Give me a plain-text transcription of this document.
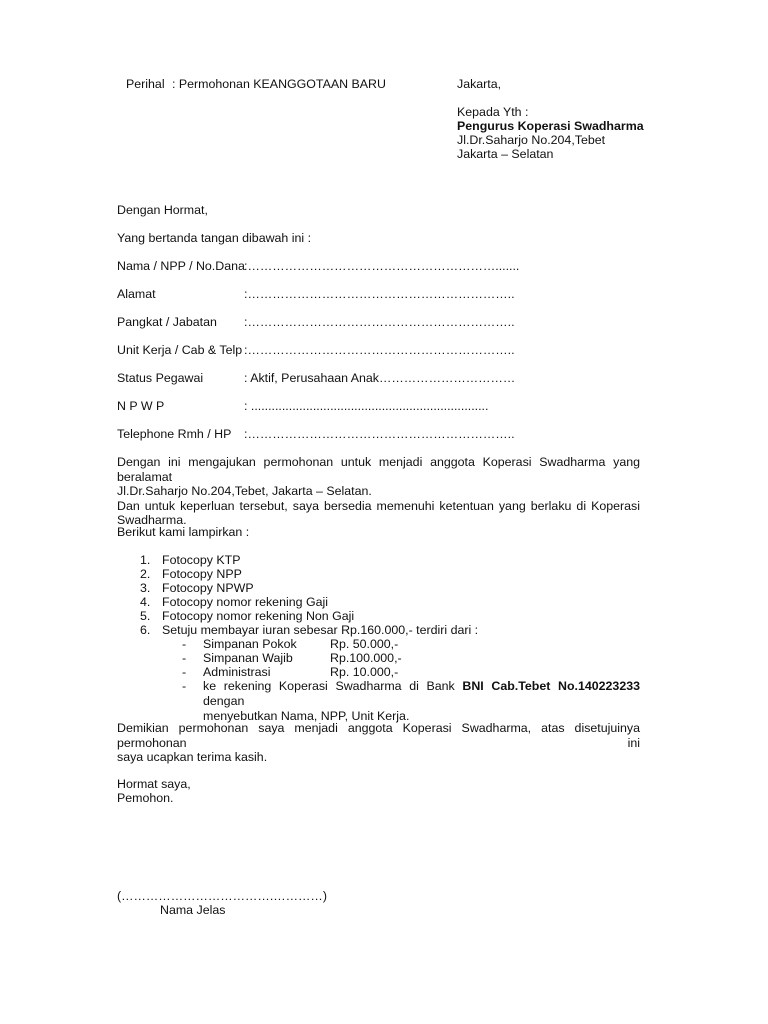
Perihal : Permohonan KEANGGOTAAN BARU	Jakarta,
Kepada Yth :
Pengurus Koperasi Swadharma
Jl.Dr.Saharjo No.204,Tebet
Jakarta – Selatan
Dengan Hormat,
Yang bertanda tangan dibawah ini :
Nama / NPP / No.Dana :…………………………………………………….......
Alamat	:………………………………………………………..
Pangkat / Jabatan :………………………………………………………..
Unit Kerja / Cab & Telp :………………………………………………………..
Status Pegawai	: Aktif, Perusahaan Anak……………………………
N P W P	: .....................................................................
Telephone Rmh / HP :………………………………………………………..
Dengan ini mengajukan permohonan untuk menjadi anggota Koperasi Swadharma yang beralamat
Jl.Dr.Saharjo No.204,Tebet, Jakarta – Selatan.
Dan untuk keperluan tersebut, saya bersedia memenuhi ketentuan yang berlaku di Koperasi
Swadharma.
Berikut kami lampirkan :
1. Fotocopy KTP
2. Fotocopy NPP
3. Fotocopy NPWP
4. Fotocopy nomor rekening Gaji
5. Fotocopy nomor rekening Non Gaji
6. Setuju membayar iuran sebesar Rp.160.000,- terdiri dari :
- Simpanan Pokok	Rp. 50.000,-
- Simpanan Wajib	Rp.100.000,-
- Administrasi	Rp. 10.000,-
- ke rekening Koperasi Swadharma di Bank BNI Cab.Tebet No.140223233 dengan
menyebutkan Nama, NPP, Unit Kerja.
Demikian permohonan saya menjadi anggota Koperasi Swadharma, atas disetujuinya permohonan ini
saya ucapkan terima kasih.
Hormat saya,
Pemohon.
(……………………………….…………)
Nama Jelas
